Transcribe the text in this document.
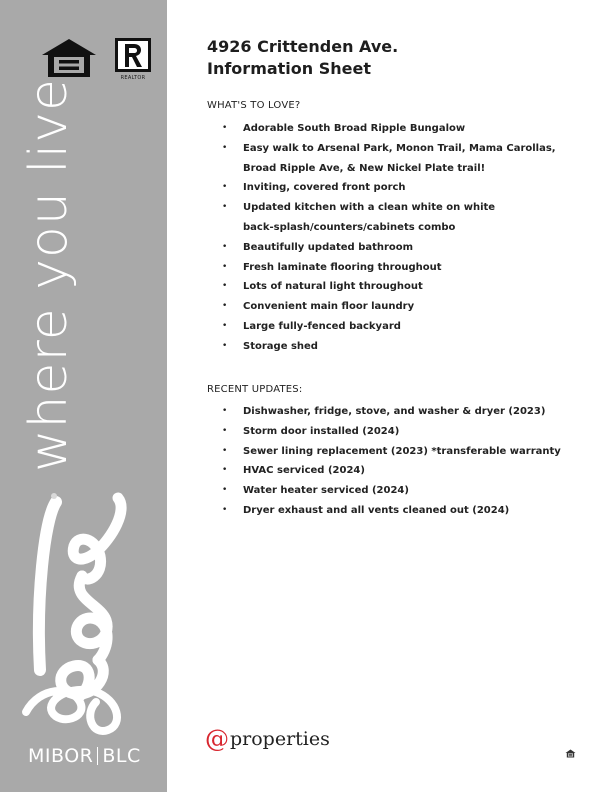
REALTOR
where you live
MIBOR BLC
4926 Crittenden Ave.
Information Sheet
WHAT'S TO LOVE?
• Adorable South Broad Ripple Bungalow
• Easy walk to Arsenal Park, Monon Trail, Mama Carollas,
Broad Ripple Ave, & New Nickel Plate trail!
• Inviting, covered front porch
• Updated kitchen with a clean white on white
back-splash/counters/cabinets combo
• Beautifully updated bathroom
• Fresh laminate flooring throughout
• Lots of natural light throughout
• Convenient main floor laundry
• Large fully-fenced backyard
• Storage shed
RECENT UPDATES:
• Dishwasher, fridge, stove, and washer & dryer (2023)
• Storm door installed (2024)
• Sewer lining replacement (2023) *transferable warranty
• HVAC serviced (2024)
• Water heater serviced (2024)
• Dryer exhaust and all vents cleaned out (2024)
@properties
